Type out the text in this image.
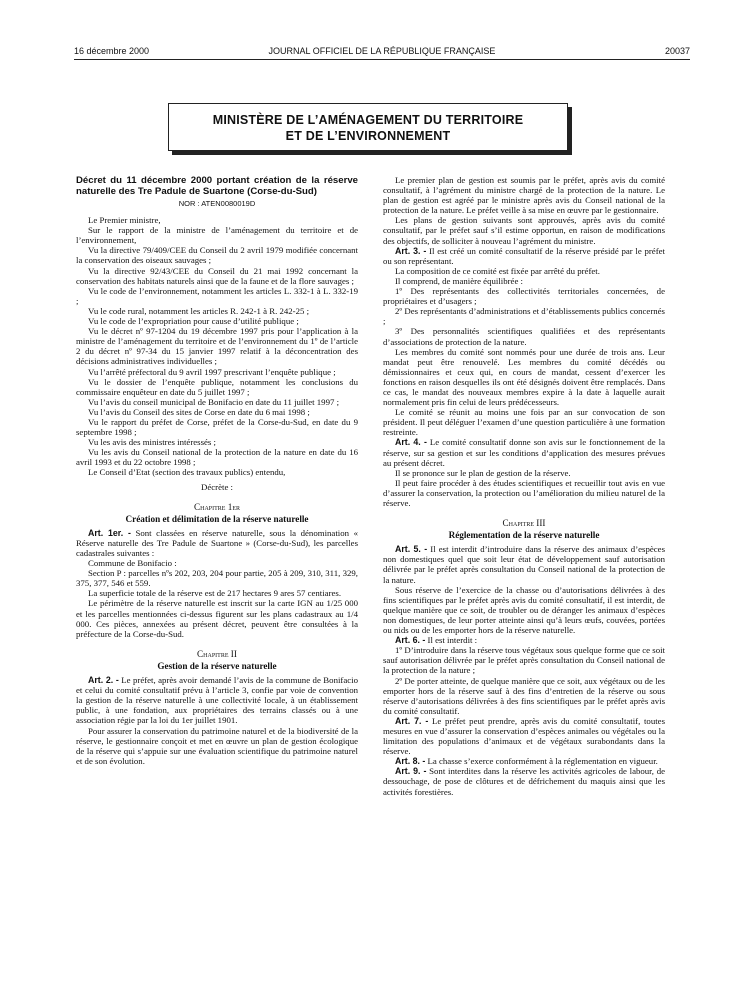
16 décembre 2000	JOURNAL OFFICIEL DE LA RÉPUBLIQUE FRANÇAISE	20037
MINISTÈRE DE L’AMÉNAGEMENT DU TERRITOIRE
ET DE L’ENVIRONNEMENT

Décret du 11 décembre 2000 portant création de la réserve naturelle des Tre Padule de Suartone (Corse-du-Sud)

NOR : ATEN0080019D

Le Premier ministre,

Sur le rapport de la ministre de l’aménagement du territoire et de l’environnement,

Vu la directive 79/409/CEE du Conseil du 2 avril 1979 modifiée concernant la conservation des oiseaux sauvages ;

Vu la directive 92/43/CEE du Conseil du 21 mai 1992 concernant la conservation des habitats naturels ainsi que de la faune et de la flore sauvages ;

Vu le code de l’environnement, notamment les articles L. 332-1 à L. 332-19 ;

Vu le code rural, notamment les articles R. 242-1 à R. 242-25 ;

Vu le code de l’expropriation pour cause d’utilité publique ;

Vu le décret nº 97-1204 du 19 décembre 1997 pris pour l’application à la ministre de l’aménagement du territoire et de l’environnement du 1º de l’article 2 du décret nº 97-34 du 15 janvier 1997 relatif à la déconcentration des décisions administratives individuelles ;

Vu l’arrêté préfectoral du 9 avril 1997 prescrivant l’enquête publique ;

Vu le dossier de l’enquête publique, notamment les conclusions du commissaire enquêteur en date du 5 juillet 1997 ;

Vu l’avis du conseil municipal de Bonifacio en date du 11 juillet 1997 ;

Vu l’avis du Conseil des sites de Corse en date du 6 mai 1998 ;

Vu le rapport du préfet de Corse, préfet de la Corse-du-Sud, en date du 9 septembre 1998 ;

Vu les avis des ministres intéressés ;

Vu les avis du Conseil national de la protection de la nature en date du 16 avril 1993 et du 22 octobre 1998 ;

Le Conseil d’Etat (section des travaux publics) entendu,

Décrète :

Chapitre 1er
Création et délimitation de la réserve naturelle

Art. 1er. - Sont classées en réserve naturelle, sous la dénomination « Réserve naturelle des Tre Padule de Suartone » (Corse-du-Sud), les parcelles cadastrales suivantes :

Commune de Bonifacio :

Section P : parcelles nºs 202, 203, 204 pour partie, 205 à 209, 310, 311, 329, 375, 377, 546 et 559.

La superficie totale de la réserve est de 217 hectares 9 ares 57 centiares.

Le périmètre de la réserve naturelle est inscrit sur la carte IGN au 1/25 000 et les parcelles mentionnées ci-dessus figurent sur les plans cadastraux au 1/4 000. Ces pièces, annexées au présent décret, peuvent être consultées à la préfecture de la Corse-du-Sud.

Chapitre II
Gestion de la réserve naturelle

Art. 2. - Le préfet, après avoir demandé l’avis de la commune de Bonifacio et celui du comité consultatif prévu à l’article 3, confie par voie de convention la gestion de la réserve naturelle à une collectivité locale, à un établissement public, à une fondation, aux propriétaires des terrains classés ou à une association régie par la loi du 1er juillet 1901.

Pour assurer la conservation du patrimoine naturel et de la biodiversité de la réserve, le gestionnaire conçoit et met en œuvre un plan de gestion écologique de la réserve qui s’appuie sur une évaluation scientifique du patrimoine naturel et de son évolution.

Le premier plan de gestion est soumis par le préfet, après avis du comité consultatif, à l’agrément du ministre chargé de la protection de la nature. Le plan de gestion est agréé par le ministre après avis du Conseil national de la protection de la nature. Le préfet veille à sa mise en œuvre par le gestionnaire.

Les plans de gestion suivants sont approuvés, après avis du comité consultatif, par le préfet sauf s’il estime opportun, en raison de modifications des objectifs, de solliciter à nouveau l’agrément du ministre.

Art. 3. - Il est créé un comité consultatif de la réserve présidé par le préfet ou son représentant.

La composition de ce comité est fixée par arrêté du préfet.

Il comprend, de manière équilibrée :

1º Des représentants des collectivités territoriales concernées, de propriétaires et d’usagers ;

2º Des représentants d’administrations et d’établissements publics concernés ;

3º Des personnalités scientifiques qualifiées et des représentants d’associations de protection de la nature.

Les membres du comité sont nommés pour une durée de trois ans. Leur mandat peut être renouvelé. Les membres du comité décédés ou démissionnaires et ceux qui, en cours de mandat, cessent d’exercer les fonctions en raison desquelles ils ont été désignés doivent être remplacés. Dans ce cas, le mandat des nouveaux membres expire à la date à laquelle aurait normalement pris fin celui de leurs prédécesseurs.

Le comité se réunit au moins une fois par an sur convocation de son président. Il peut déléguer l’examen d’une question particulière à une formation restreinte.

Art. 4. - Le comité consultatif donne son avis sur le fonctionnement de la réserve, sur sa gestion et sur les conditions d’application des mesures prévues au présent décret.

Il se prononce sur le plan de gestion de la réserve.

Il peut faire procéder à des études scientifiques et recueillir tout avis en vue d’assurer la conservation, la protection ou l’amélioration du milieu naturel de la réserve.

Chapitre III
Réglementation de la réserve naturelle

Art. 5. - Il est interdit d’introduire dans la réserve des animaux d’espèces non domestiques quel que soit leur état de développement sauf autorisation délivrée par le préfet après consultation du Conseil national de la protection de la nature.

Sous réserve de l’exercice de la chasse ou d’autorisations délivrées à des fins scientifiques par le préfet après avis du comité consultatif, il est interdit, de quelque manière que ce soit, de troubler ou de déranger les animaux d’espèces non domestiques, de leur porter atteinte ainsi qu’à leurs œufs, couvées, portées ou nids ou de les emporter hors de la réserve naturelle.

Art. 6. - Il est interdit :

1º D’introduire dans la réserve tous végétaux sous quelque forme que ce soit sauf autorisation délivrée par le préfet après consultation du Conseil national de la protection de la nature ;

2º De porter atteinte, de quelque manière que ce soit, aux végétaux ou de les emporter hors de la réserve sauf à des fins d’entretien de la réserve ou sous réserve d’autorisations délivrées à des fins scientifiques par le préfet après avis du comité consultatif.

Art. 7. - Le préfet peut prendre, après avis du comité consultatif, toutes mesures en vue d’assurer la conservation d’espèces animales ou végétales ou la limitation des populations d’animaux et de végétaux surabondants dans la réserve.

Art. 8. - La chasse s’exerce conformément à la réglementation en vigueur.

Art. 9. - Sont interdites dans la réserve les activités agricoles de labour, de dessouchage, de pose de clôtures et de défrichement du maquis ainsi que les activités forestières.
